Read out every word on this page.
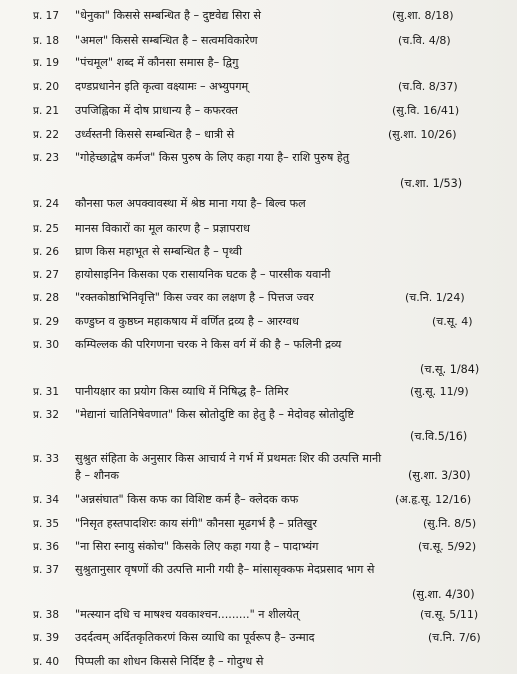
प्र. 17 "धेनुका" किससे सम्बन्धित है – दुष्टवेद्य सिरा से	(सु.शा. 8/18)
प्र. 18 "अमल" किससे सम्बन्धित है – सत्वमविकारेण	(च.वि. 4/8)
प्र. 19 "पंचमूल" शब्द में कौनसा समास है– द्विगु
प्र. 20 दण्डप्रधानेन इति कृत्वा वक्ष्यामः – अभ्युपगम्	(च.वि. 8/37)
प्र. 21 उपजिह्विका में दोष प्राधान्य है – कफरक्त	(सु.वि. 16/41)
प्र. 22 उर्ध्वस्तनी किससे सम्बन्धित है – धात्री से	(सु.शा. 10/26)
प्र. 23 "गोहेच्छाद्वेष कर्मज" किस पुरुष के लिए कहा गया है– राशि पुरुष हेतु
(च.शा. 1/53)
प्र. 24 कौनसा फल अपक्वावस्था में श्रेष्ठ माना गया है– बिल्व फल
प्र. 25 मानस विकारों का मूल कारण है – प्रज्ञापराध
प्र. 26 घ्राण किस महाभूत से सम्बन्धित है – पृथ्वी
प्र. 27 हायोसाइनिन किसका एक रासायनिक घटक है – पारसीक यवानी
प्र. 28 "रक्तकोष्ठाभिनिवृत्ति" किस ज्वर का लक्षण है – पित्तज ज्वर	(च.नि. 1/24)
प्र. 29 कण्डुघ्न व कुष्ठघ्न महाकषाय में वर्णित द्रव्य है – आरग्वध	(च.सू. 4)
प्र. 30 कम्पिल्लक की परिगणना चरक ने किस वर्ग में की है – फलिनी द्रव्य
(च.सू. 1/84)
प्र. 31 पानीयक्षार का प्रयोग किस व्याधि में निषिद्ध है– तिमिर	(सु.सू. 11/9)
प्र. 32 "मेद्यानां चातिनिषेवणात" किस स्रोतोदुष्टि का हेतु है – मेदोवह स्रोतोदुष्टि
(च.वि.5/16)
प्र. 33 सुश्रुत संहिता के अनुसार किस आचार्य ने गर्भ में प्रथमतः शिर की उत्पत्ति मानी
है – शौनक	(सु.शा. 3/30)
प्र. 34 "अन्नसंघात" किस कफ का विशिष्ट कर्म है– क्लेदक कफ	(अ.हृ.सू. 12/16)
प्र. 35 "निसृत हस्तपादशिरः काय संगी" कौनसा मूढगर्भ है – प्रतिखुर	(सु.नि. 8/5)
प्र. 36 "ना सिरा स्नायु संकोच" किसके लिए कहा गया है – पादाभ्यंग	(च.सू. 5/92)
प्र. 37 सुश्रुतानुसार वृषणों की उत्पत्ति मानी गयी है– मांसासृक्कफ मेदप्रसाद भाग से
(सु.शा. 4/30)
प्र. 38 "मत्स्यान दधि च माषश्च यवकाश्चन........." न शीलयेत्	(च.सू. 5/11)
प्र. 39 उदर्दत्वम् अर्दितकृतिकरणं किस व्याधि का पूर्वरूप है– उन्माद	(च.नि. 7/6)
प्र. 40 पिप्पली का शोधन किससे निर्दिष्ट है – गोदुग्ध से
